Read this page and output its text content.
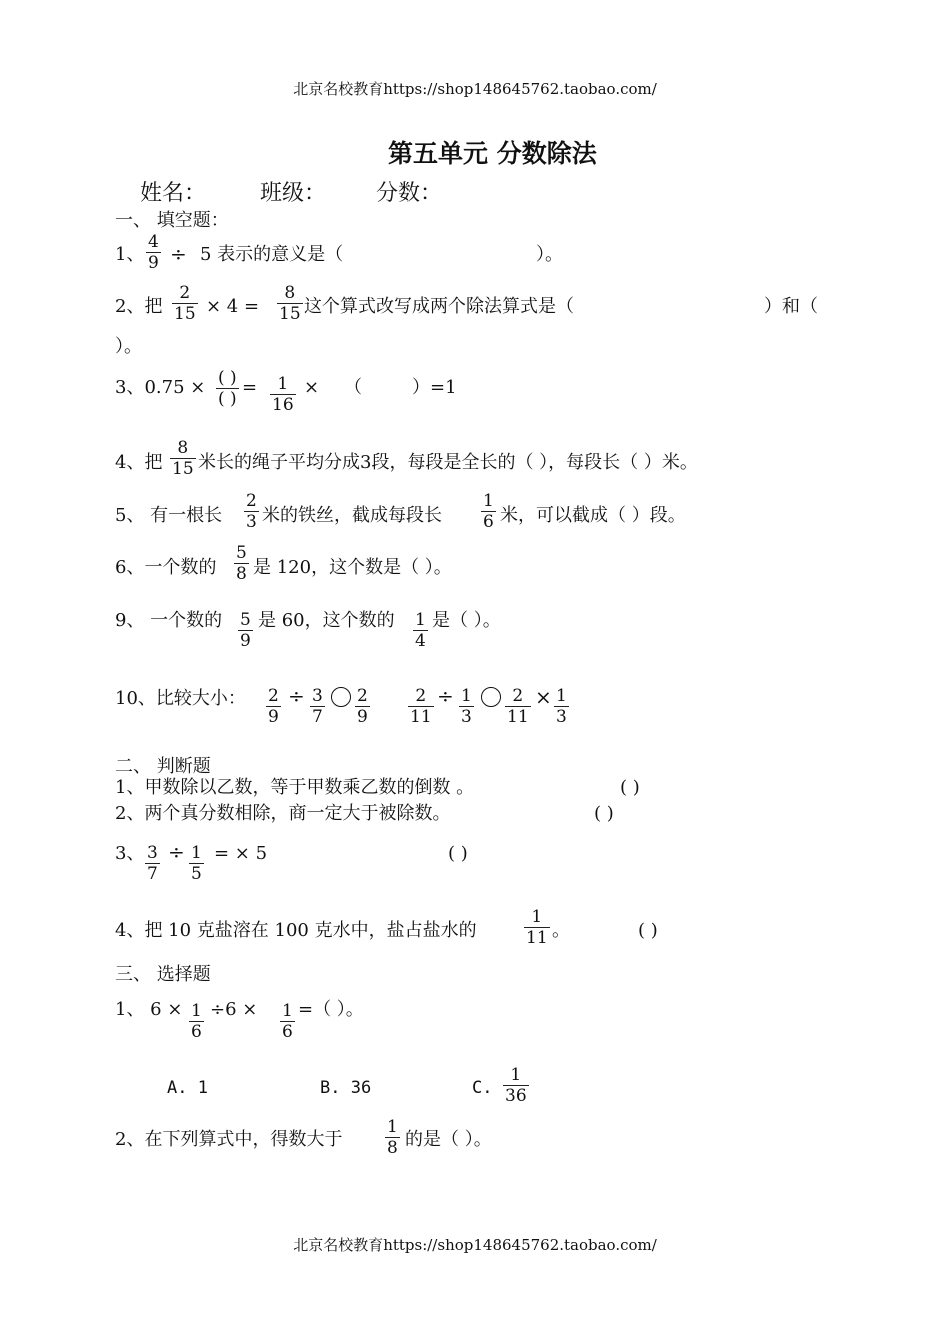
北京名校教育https://shop148645762.taobao.com/
第五单元 分数除法
姓名： 班级： 分数：
一、 填空题：
1、 $\frac{4}{9} \div 5$ 表示的意义是（	）。
2、把 $\frac{2}{15} \times 4 = \frac{8}{15}$ 这个算式改写成两个除法算式是（	）和（
）。
3、0.75 × ( )
( )
= $\frac{1}{16}$ × （	）=1
4、把 $\frac{8}{15}$ 米长的绳子平均分成3段，每段是全长的（ ），每段长（ ）米。
5、 有一根长 $\frac{2}{3}$ 米的铁丝，截成每段长 $\frac{1}{6}$ 米，可以截成（ ）段。
6、一个数的 $\frac{5}{8}$ 是 120，这个数是（ ）。
9、 一个数的 $\frac{5}{9}$ 是 60，这个数的 $\frac{1}{4}$ 是（ ）。
10、比较大小： $\frac{2}{9} \div \frac{3}{7} \frac{2}{9} \frac{2}{11} \div \frac{1}{3} \frac{2}{11} \times \frac{1}{3}$
二、 判断题
1、甲数除以乙数，等于甲数乘乙数的倒数 。	( )
2、两个真分数相除，商一定大于被除数。	( )
3、 $\frac{3}{7} \div \frac{1}{5}$ = × 5	( )
4、把 10 克盐溶在 100 克水中，盐占盐水的	$\frac{1}{11}$ 。	( )
三、 选择题
1、 $6 \times \frac{1}{6} \div 6 \times \frac{1}{6}$ =（ ）。
A. 1	B. 36	C. $\frac{1}{36}$
2、在下列算式中，得数大于	$\frac{1}{8}$ 的是（ ）。
北京名校教育https://shop148645762.taobao.com/
